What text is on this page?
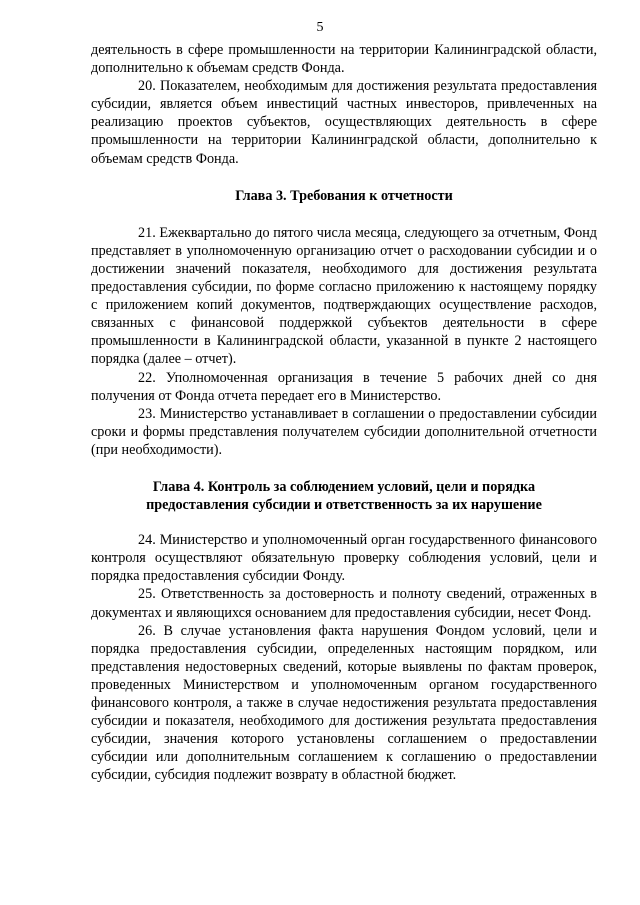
5

деятельность в сфере промышленности на территории Калининградской области, дополнительно к объемам средств Фонда.

20. Показателем, необходимым для достижения результата предоставления субсидии, является объем инвестиций частных инвесторов, привлеченных на реализацию проектов субъектов, осуществляющих деятельность в сфере промышленности на территории Калининградской области, дополнительно к объемам средств Фонда.

Глава 3. Требования к отчетности

21. Ежеквартально до пятого числа месяца, следующего за отчетным, Фонд представляет в уполномоченную организацию отчет о расходовании субсидии и о достижении значений показателя, необходимого для достижения результата предоставления субсидии, по форме согласно приложению к настоящему порядку с приложением копий документов, подтверждающих осуществление расходов, связанных с финансовой поддержкой субъектов деятельности в сфере промышленности в Калининградской области, указанной в пункте 2 настоящего порядка (далее – отчет).

22. Уполномоченная организация в течение 5 рабочих дней со дня получения от Фонда отчета передает его в Министерство.

23. Министерство устанавливает в соглашении о предоставлении субсидии сроки и формы представления получателем субсидии дополнительной отчетности (при необходимости).

Глава 4. Контроль за соблюдением условий, цели и порядка

предоставления субсидии и ответственность за их нарушение

24. Министерство и уполномоченный орган государственного финансового контроля осуществляют обязательную проверку соблюдения условий, цели и порядка предоставления субсидии Фонду.

25. Ответственность за достоверность и полноту сведений, отраженных в документах и являющихся основанием для предоставления субсидии, несет Фонд.

26. В случае установления факта нарушения Фондом условий, цели и порядка предоставления субсидии, определенных настоящим порядком, или представления недостоверных сведений, которые выявлены по фактам проверок, проведенных Министерством и уполномоченным органом государственного финансового контроля, а также в случае недостижения результата предоставления субсидии и показателя, необходимого для достижения результата предоставления субсидии, значения которого установлены соглашением о предоставлении субсидии или дополнительным соглашением к соглашению о предоставлении субсидии, субсидия подлежит возврату в областной бюджет.
